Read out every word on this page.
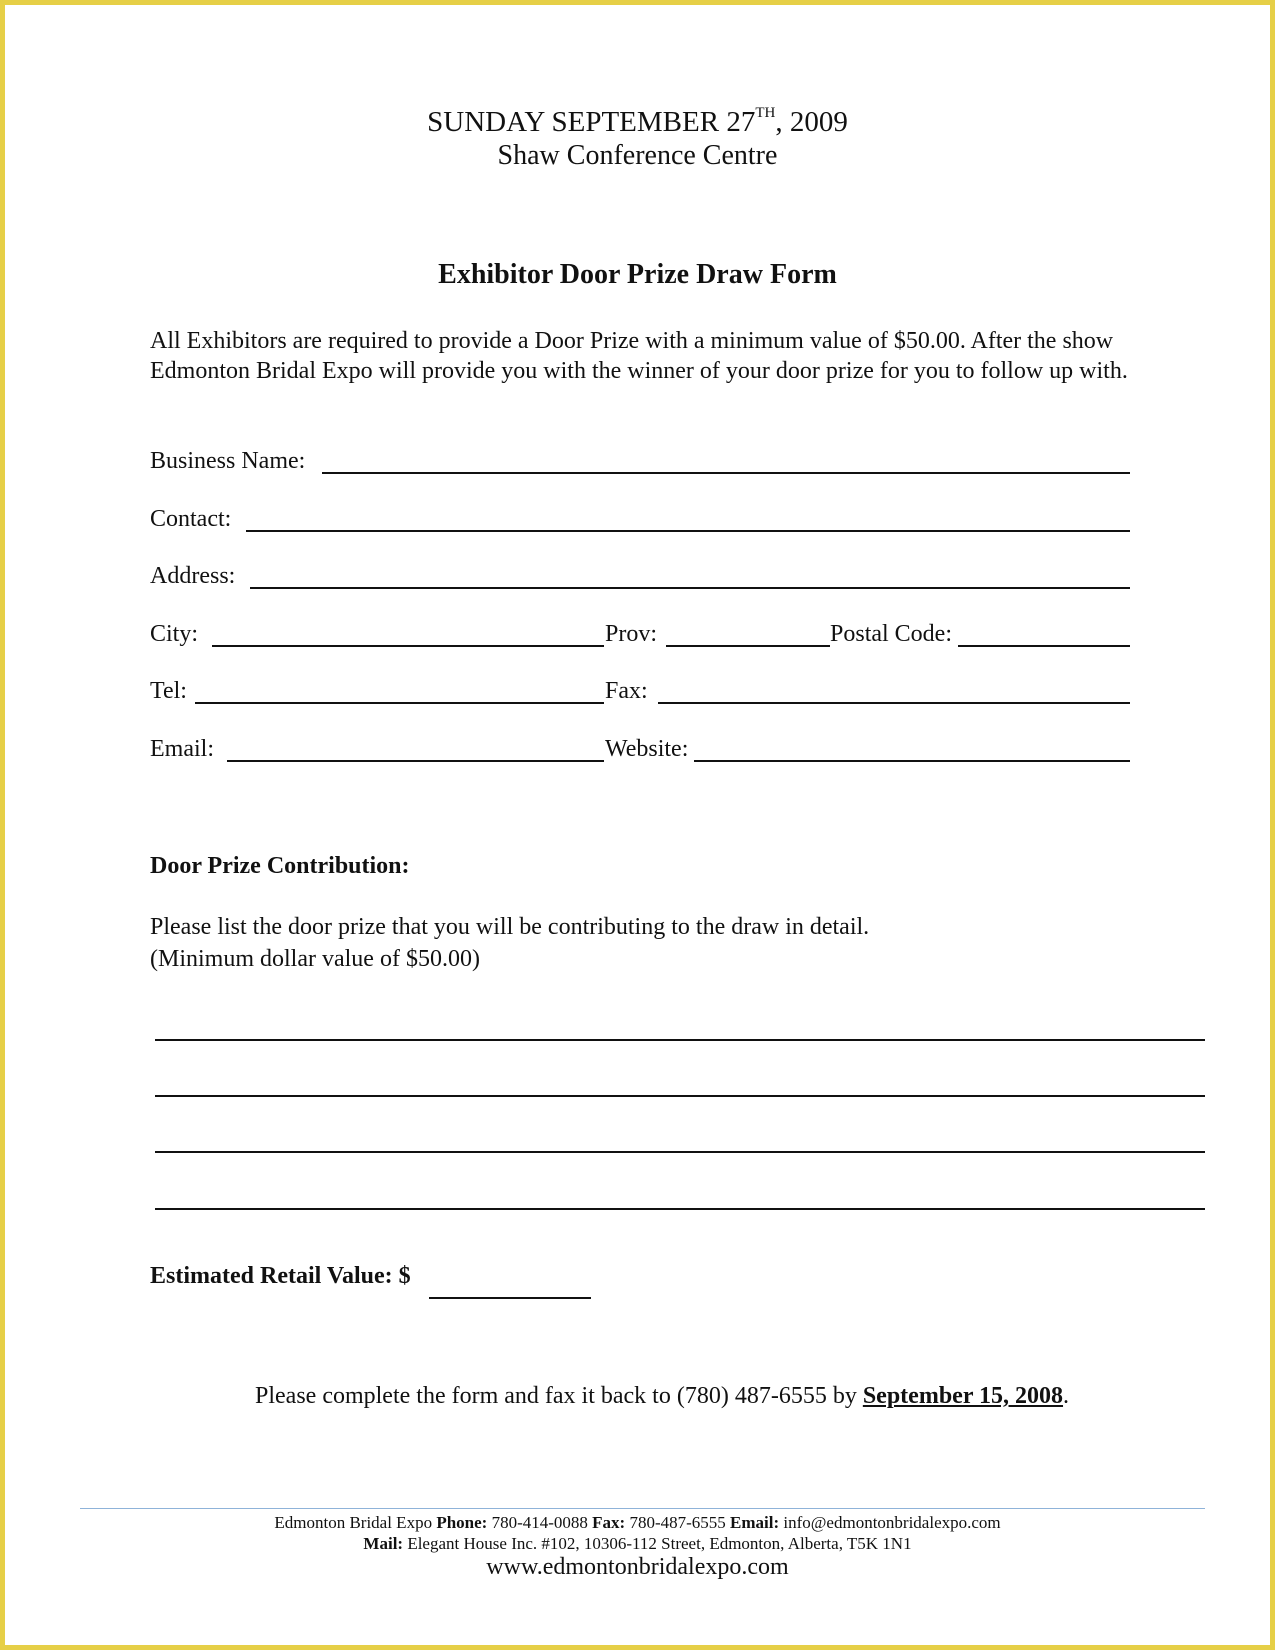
SUNDAY SEPTEMBER 27TH, 2009
Shaw Conference Centre
Exhibitor Door Prize Draw Form
All Exhibitors are required to provide a Door Prize with a minimum value of $50.00. After the show
Edmonton Bridal Expo will provide you with the winner of your door prize for you to follow up with.
Business Name:
Contact:
Address:
City:	Prov:	Postal Code:
Tel:	Fax:
Email:	Website:
Door Prize Contribution:
Please list the door prize that you will be contributing to the draw in detail.
(Minimum dollar value of $50.00)
Estimated Retail Value: $
Please complete the form and fax it back to (780) 487-6555 by September 15, 2008.
Edmonton Bridal Expo Phone: 780-414-0088 Fax: 780-487-6555 Email: info@edmontonbridalexpo.com
Mail: Elegant House Inc. #102, 10306-112 Street, Edmonton, Alberta, T5K 1N1
www.edmontonbridalexpo.com
